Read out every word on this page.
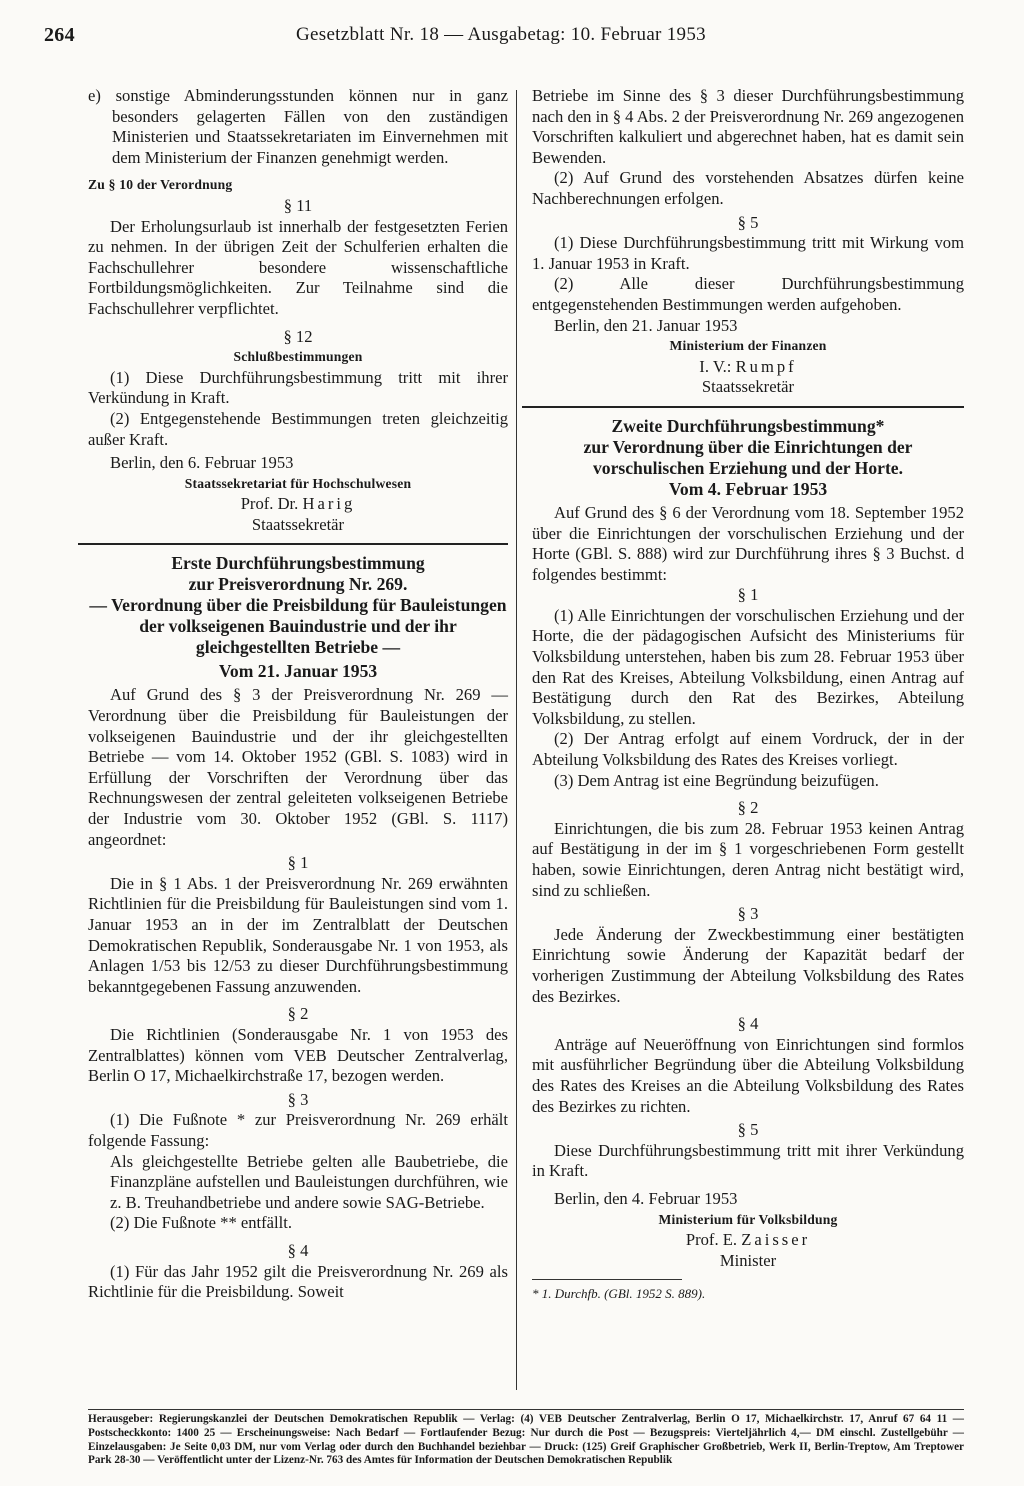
264	Gesetzblatt Nr. 18 — Ausgabetag: 10. Februar 1953

e) sonstige Abminderungsstunden können nur in ganz besonders gelagerten Fällen von den zuständigen Ministerien und Staatssekretariaten im Einvernehmen mit dem Ministerium der Finanzen genehmigt werden.

Zu § 10 der Verordnung

§ 11

Der Erholungsurlaub ist innerhalb der festgesetzten Ferien zu nehmen. In der übrigen Zeit der Schulferien erhalten die Fachschullehrer besondere wissenschaftliche Fortbildungsmöglichkeiten. Zur Teilnahme sind die Fachschullehrer verpflichtet.

§ 12

Schlußbestimmungen

(1) Diese Durchführungsbestimmung tritt mit ihrer Verkündung in Kraft.

(2) Entgegenstehende Bestimmungen treten gleichzeitig außer Kraft.

Berlin, den 6. Februar 1953

Staatssekretariat für Hochschulwesen

Prof. Dr. Harig

Staatssekretär

Erste Durchführungsbestimmung

zur Preisverordnung Nr. 269.

— Verordnung über die Preisbildung für Bauleistungen der volkseigenen Bauindustrie und der ihr gleichgestellten Betriebe —

Vom 21. Januar 1953

Auf Grund des § 3 der Preisverordnung Nr. 269 — Verordnung über die Preisbildung für Bauleistungen der volkseigenen Bauindustrie und der ihr gleichgestellten Betriebe — vom 14. Oktober 1952 (GBl. S. 1083) wird in Erfüllung der Vorschriften der Verordnung über das Rechnungswesen der zentral geleiteten volkseigenen Betriebe der Industrie vom 30. Oktober 1952 (GBl. S. 1117) angeordnet:

§ 1

Die in § 1 Abs. 1 der Preisverordnung Nr. 269 erwähnten Richtlinien für die Preisbildung für Bauleistungen sind vom 1. Januar 1953 an in der im Zentralblatt der Deutschen Demokratischen Republik, Sonderausgabe Nr. 1 von 1953, als Anlagen 1/53 bis 12/53 zu dieser Durchführungsbestimmung bekanntgegebenen Fassung anzuwenden.

§ 2

Die Richtlinien (Sonderausgabe Nr. 1 von 1953 des Zentralblattes) können vom VEB Deutscher Zentralverlag, Berlin O 17, Michaelkirchstraße 17, bezogen werden.

§ 3

(1) Die Fußnote * zur Preisverordnung Nr. 269 erhält folgende Fassung:

Als gleichgestellte Betriebe gelten alle Baubetriebe, die Finanzpläne aufstellen und Bauleistungen durchführen, wie z. B. Treuhandbetriebe und andere sowie SAG-Betriebe.

(2) Die Fußnote ** entfällt.

§ 4

(1) Für das Jahr 1952 gilt die Preisverordnung Nr. 269 als Richtlinie für die Preisbildung. Soweit

Betriebe im Sinne des § 3 dieser Durchführungsbestimmung nach den in § 4 Abs. 2 der Preisverordnung Nr. 269 angezogenen Vorschriften kalkuliert und abgerechnet haben, hat es damit sein Bewenden.

(2) Auf Grund des vorstehenden Absatzes dürfen keine Nachberechnungen erfolgen.

§ 5

(1) Diese Durchführungsbestimmung tritt mit Wirkung vom 1. Januar 1953 in Kraft.

(2) Alle dieser Durchführungsbestimmung entgegenstehenden Bestimmungen werden aufgehoben.

Berlin, den 21. Januar 1953

Ministerium der Finanzen

I. V.: Rumpf

Staatssekretär

Zweite Durchführungsbestimmung*

zur Verordnung über die Einrichtungen der vorschulischen Erziehung und der Horte.

Vom 4. Februar 1953

Auf Grund des § 6 der Verordnung vom 18. September 1952 über die Einrichtungen der vorschulischen Erziehung und der Horte (GBl. S. 888) wird zur Durchführung ihres § 3 Buchst. d folgendes bestimmt:

§ 1

(1) Alle Einrichtungen der vorschulischen Erziehung und der Horte, die der pädagogischen Aufsicht des Ministeriums für Volksbildung unterstehen, haben bis zum 28. Februar 1953 über den Rat des Kreises, Abteilung Volksbildung, einen Antrag auf Bestätigung durch den Rat des Bezirkes, Abteilung Volksbildung, zu stellen.

(2) Der Antrag erfolgt auf einem Vordruck, der in der Abteilung Volksbildung des Rates des Kreises vorliegt.

(3) Dem Antrag ist eine Begründung beizufügen.

§ 2

Einrichtungen, die bis zum 28. Februar 1953 keinen Antrag auf Bestätigung in der im § 1 vorgeschriebenen Form gestellt haben, sowie Einrichtungen, deren Antrag nicht bestätigt wird, sind zu schließen.

§ 3

Jede Änderung der Zweckbestimmung einer bestätigten Einrichtung sowie Änderung der Kapazität bedarf der vorherigen Zustimmung der Abteilung Volksbildung des Rates des Bezirkes.

§ 4

Anträge auf Neueröffnung von Einrichtungen sind formlos mit ausführlicher Begründung über die Abteilung Volksbildung des Rates des Kreises an die Abteilung Volksbildung des Rates des Bezirkes zu richten.

§ 5

Diese Durchführungsbestimmung tritt mit ihrer Verkündung in Kraft.

Berlin, den 4. Februar 1953

Ministerium für Volksbildung

Prof. E. Zaisser

Minister

* 1. Durchfb. (GBl. 1952 S. 889).

Herausgeber: Regierungskanzlei der Deutschen Demokratischen Republik — Verlag: (4) VEB Deutscher Zentralverlag, Berlin O 17, Michaelkirchstr. 17, Anruf 67 64 11 — Postscheckkonto: 1400 25 — Erscheinungsweise: Nach Bedarf — Fortlaufender Bezug: Nur durch die Post — Bezugspreis: Vierteljährlich 4,— DM einschl. Zustellgebühr — Einzelausgaben: Je Seite 0,03 DM, nur vom Verlag oder durch den Buchhandel beziehbar — Druck: (125) Greif Graphischer Großbetrieb, Werk II, Berlin-Treptow, Am Treptower Park 28-30 — Veröffentlicht unter der Lizenz-Nr. 763 des Amtes für Information der Deutschen Demokratischen Republik
